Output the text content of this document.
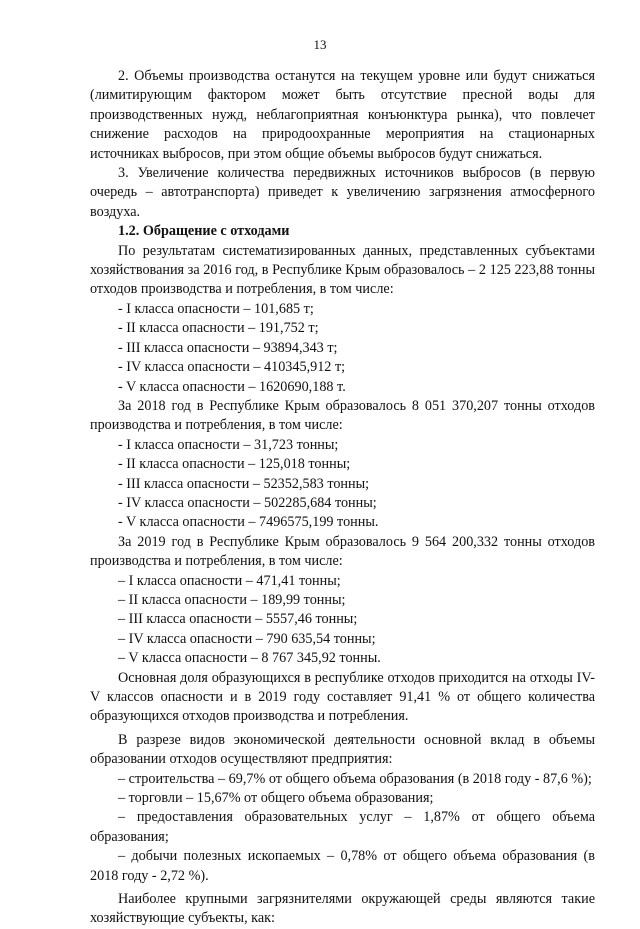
13

2. Объемы производства останутся на текущем уровне или будут снижаться (лимитирующим фактором может быть отсутствие пресной воды для производственных нужд, неблагоприятная конъюнктура рынка), что повлечет снижение расходов на природоохранные мероприятия на стационарных источниках выбросов, при этом общие объемы выбросов будут снижаться.

3. Увеличение количества передвижных источников выбросов (в первую очередь – автотранспорта) приведет к увеличению загрязнения атмосферного воздуха.

1.2. Обращение с отходами

По результатам систематизированных данных, представленных субъектами хозяйствования за 2016 год, в Республике Крым образовалось – 2 125 223,88 тонны отходов производства и потребления, в том числе:

- I класса опасности – 101,685 т;

- II класса опасности – 191,752 т;

- III класса опасности – 93894,343 т;

- IV класса опасности – 410345,912 т;

- V класса опасности – 1620690,188 т.

За 2018 год в Республике Крым образовалось 8 051 370,207 тонны отходов производства и потребления, в том числе:

- I класса опасности – 31,723 тонны;

- II класса опасности – 125,018 тонны;

- III класса опасности – 52352,583 тонны;

- IV класса опасности – 502285,684 тонны;

- V класса опасности – 7496575,199 тонны.

За 2019 год в Республике Крым образовалось 9 564 200,332 тонны отходов производства и потребления, в том числе:

– I класса опасности – 471,41 тонны;

– II класса опасности – 189,99 тонны;

– III класса опасности – 5557,46 тонны;

– IV класса опасности – 790 635,54 тонны;

– V класса опасности – 8 767 345,92 тонны.

Основная доля образующихся в республике отходов приходится на отходы IV-V классов опасности и в 2019 году составляет 91,41 % от общего количества образующихся отходов производства и потребления.

В разрезе видов экономической деятельности основной вклад в объемы образовании отходов осуществляют предприятия:

– строительства – 69,7% от общего объема образования (в 2018 году - 87,6 %);

– торговли – 15,67% от общего объема образования;

– предоставления образовательных услуг – 1,87% от общего объема образования;

– добычи полезных ископаемых – 0,78% от общего объема образования (в 2018 году - 2,72 %).

Наиболее крупными загрязнителями окружающей среды являются такие хозяйствующие субъекты, как:
